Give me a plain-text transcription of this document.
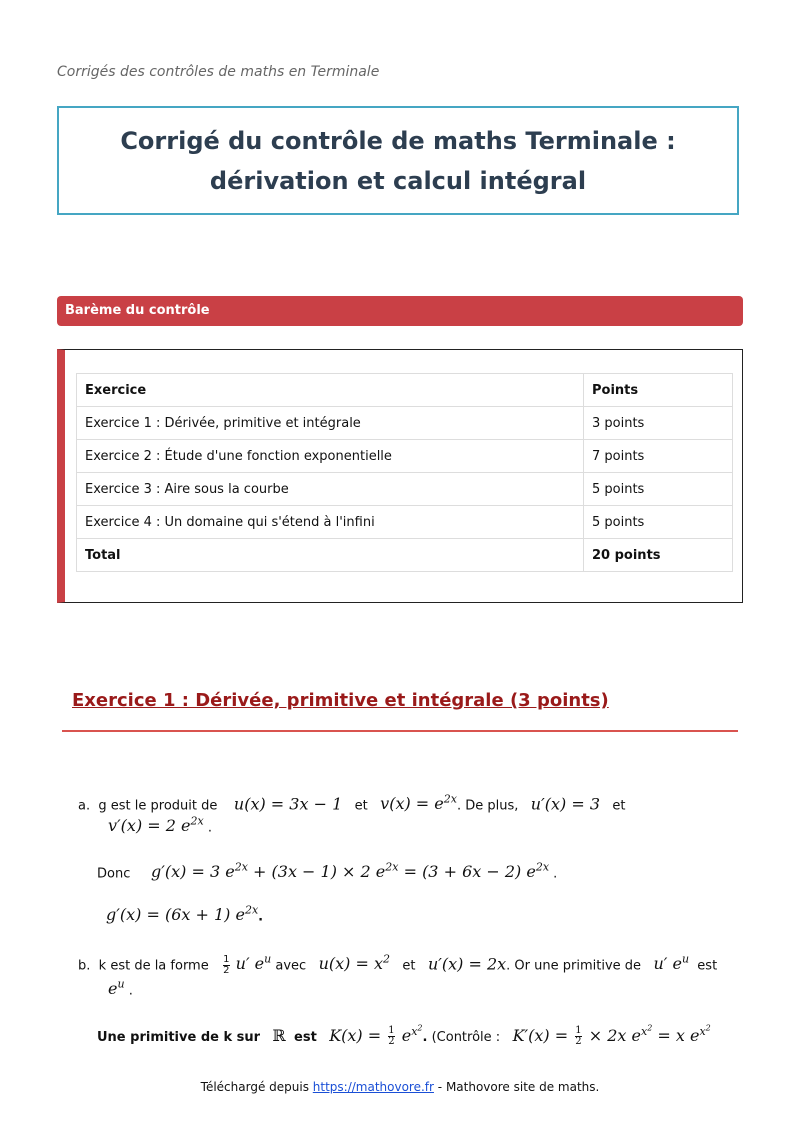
Corrigés des contrôles de maths en Terminale
Corrigé du contrôle de maths Terminale : dérivation et calcul intégral
Barème du contrôle
Exercice	Points
Exercice 1 : Dérivée, primitive et intégrale	3 points
Exercice 2 : Étude d'une fonction exponentielle	7 points
Exercice 3 : Aire sous la courbe	5 points
Exercice 4 : Un domaine qui s'étend à l'infini	5 points
Total	20 points
Exercice 1 : Dérivée, primitive et intégrale (3 points)
a. g est le produit de u(x) = 3x − 1 et $v(x) = e^{2x}$. De plus, u′(x) = 3 et
v′(x) = 2 $e^{2x}$ .
Donc g′(x) = 3 $e^{2x} + (3x - 1) \times 2$ $e^{2x} = (3 + 6x - 2)$ $e^{2x}$ .
g′(x) = (6x + 1) $e^{2x}$.
b. k est de la forme $\frac{1}{2} u'$ $e^u$ avec $u(x) = x^2$ et u′(x) = 2x. Or une primitive de u′ $e^u$ est
$e^u$ .
Une primitive de k sur ℝ est $K(x) = \frac{1}{2} e^{x^2}$. (Contrôle : $K'(x) = \frac{1}{2} \times 2x$ $e^{x^2} = x$ $e^{x^2}$
Téléchargé depuis https://mathovore.fr - Mathovore site de maths.
